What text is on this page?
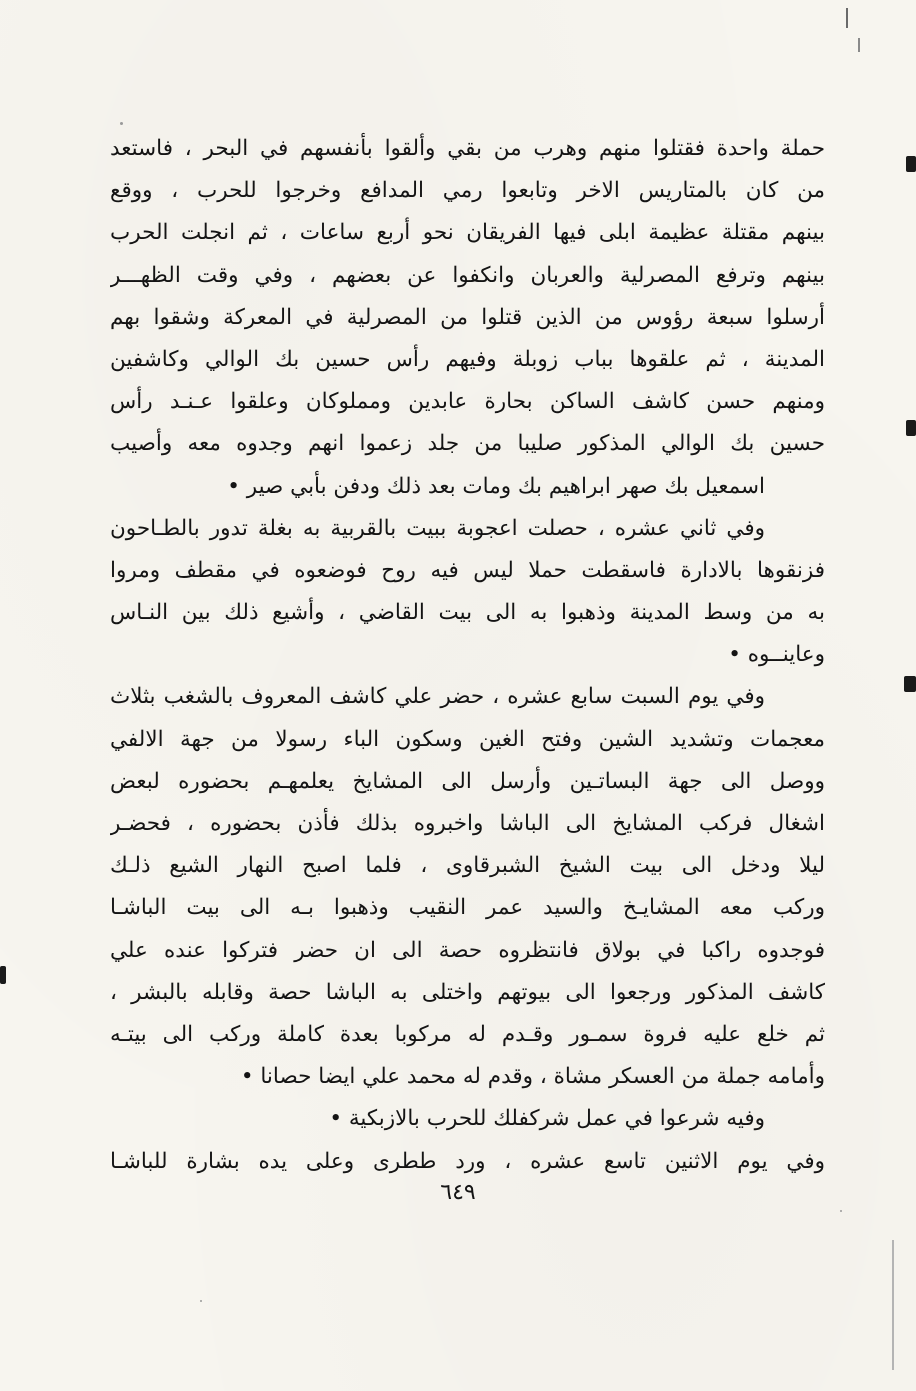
حملة واحدة فقتلوا منهم وهرب من بقي وألقوا بأنفسهم في البحر ، فاستعد
من كان بالمتاريس الاخر وتابعوا رمي المدافع وخرجوا للحرب ، ووقع
بينهم مقتلة عظيمة ابلى فيها الفريقان نحو أربع ساعات ، ثم انجلت الحرب
بينهم وترفع المصرلية والعربان وانكفوا عن بعضهم ، وفي وقت الظهـــر
أرسلوا سبعة رؤوس من الذين قتلوا من المصرلية في المعركة وشقوا بهم
المدينة ، ثم علقوها بباب زوبلة وفيهم رأس حسين بك الوالي وكاشفين
ومنهم حسن كاشف الساكن بحارة عابدين ومملوكان وعلقوا عـنـد رأس
حسين بك الوالي المذكور صليبا من جلد زعموا انهم وجدوه معه وأصيب
اسمعيل بك صهر ابراهيم بك ومات بعد ذلك ودفن بأبي صير •
وفي ثاني عشره ، حصلت اعجوبة ببيت بالقربية به بغلة تدور بالطـاحون
فزنقوها بالادارة فاسقطت حملا ليس فيه روح فوضعوه في مقطف ومروا
به من وسط المدينة وذهبوا به الى بيت القاضي ، وأشيع ذلك بين النـاس
وعاينــوه •
وفي يوم السبت سابع عشره ، حضر علي كاشف المعروف بالشغب بثلاث
معجمات وتشديد الشين وفتح الغين وسكون الباء رسولا من جهة الالفي
ووصل الى جهة البساتـين وأرسل الى المشايخ يعلمهـم بحضوره لبعض
اشغال فركب المشايخ الى الباشا واخبروه بذلك فأذن بحضوره ، فحضـر
ليلا ودخل الى بيت الشيخ الشبرقاوى ، فلما اصبح النهار الشيع ذلـك
وركب معه المشايـخ والسيد عمر النقيب وذهبوا بـه الى بيت الباشـا
فوجدوه راكبا في بولاق فانتظروه حصة الى ان حضر فتركوا عنده علي
كاشف المذكور ورجعوا الى بيوتهم واختلى به الباشا حصة وقابله بالبشر ،
ثم خلع عليه فروة سمـور وقـدم له مركوبا بعدة كاملة وركب الى بيتـه
وأمامه جملة من العسكر مشاة ، وقدم له محمد علي ايضا حصانا •
وفيه شرعوا في عمل شركفلك للحرب بالازبكية •
وفي يوم الاثنين تاسع عشره ، ورد ططرى وعلى يده بشارة للباشـا
٦٤٩
